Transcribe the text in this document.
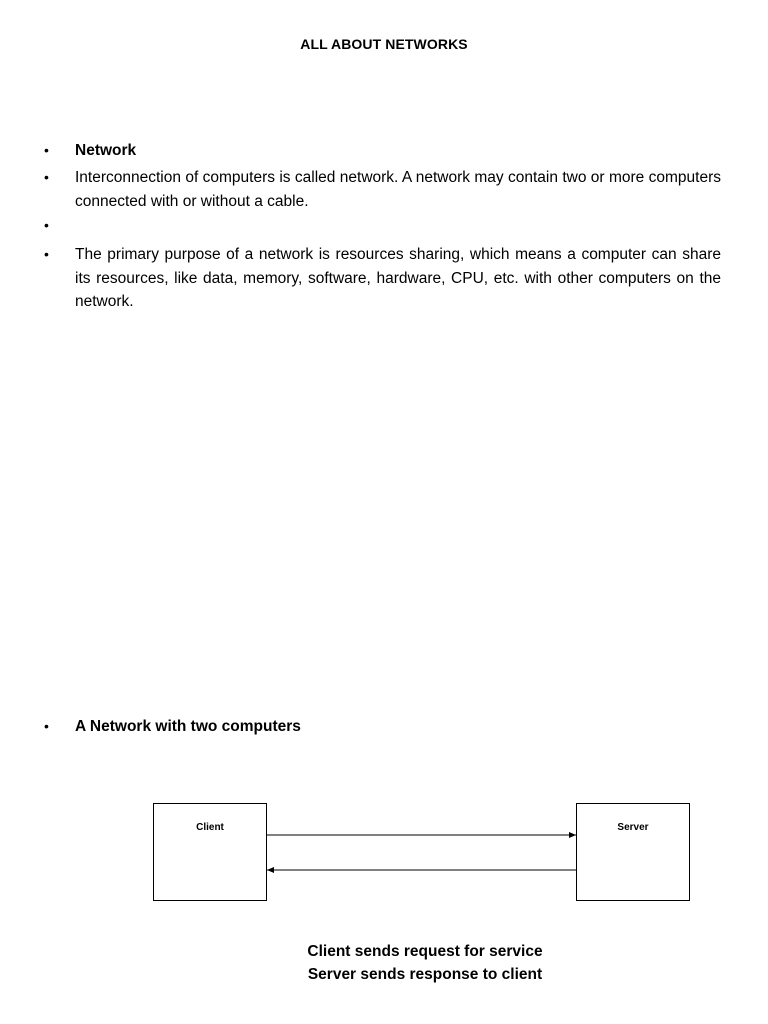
ALL ABOUT NETWORKS
• Network
• Interconnection of computers is called network. A network may contain two or more computers connected with or without a cable.
•
• The primary purpose of a network is resources sharing, which means a computer can share its resources, like data, memory, software, hardware, CPU, etc. with other computers on the network.
• A Network with two computers
Client	Server
Client sends request for service
Server sends response to client
